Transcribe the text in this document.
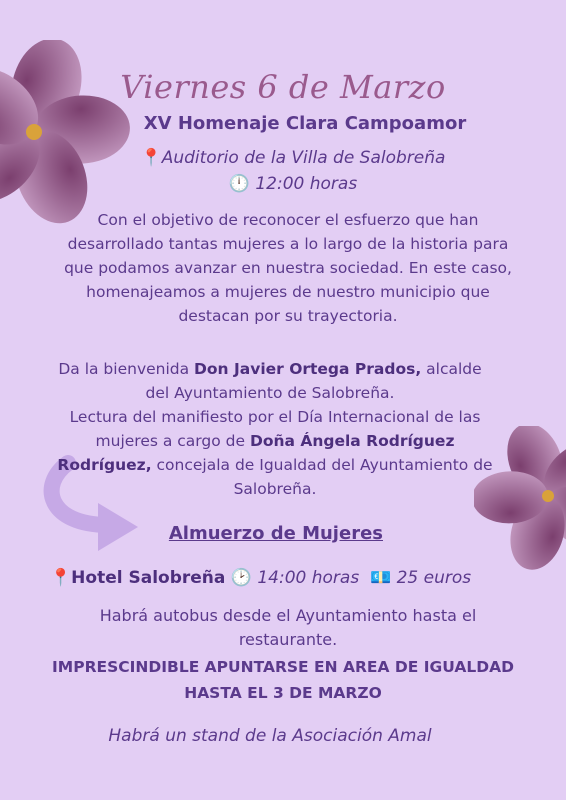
Viernes 6 de Marzo
XV Homenaje Clara Campoamor
📍Auditorio de la Villa de Salobreña
🕛 12:00 horas
Con el objetivo de reconocer el esfuerzo que han desarrollado tantas mujeres a lo largo de la historia para que podamos avanzar en nuestra sociedad. En este caso, homenajeamos a mujeres de nuestro municipio que destacan por su trayectoria.
Da la bienvenida Don Javier Ortega Prados, alcalde del Ayuntamiento de Salobreña.
Lectura del manifiesto por el Día Internacional de las mujeres a cargo de Doña Ángela Rodríguez Rodríguez, concejala de Igualdad del Ayuntamiento de Salobreña.
Almuerzo de Mujeres
📍Hotel Salobreña 🕑 14:00 horas 💶 25 euros
Habrá autobus desde el Ayuntamiento hasta el restaurante.
IMPRESCINDIBLE APUNTARSE EN AREA DE IGUALDAD HASTA EL 3 DE MARZO
Habrá un stand de la Asociación Amal
